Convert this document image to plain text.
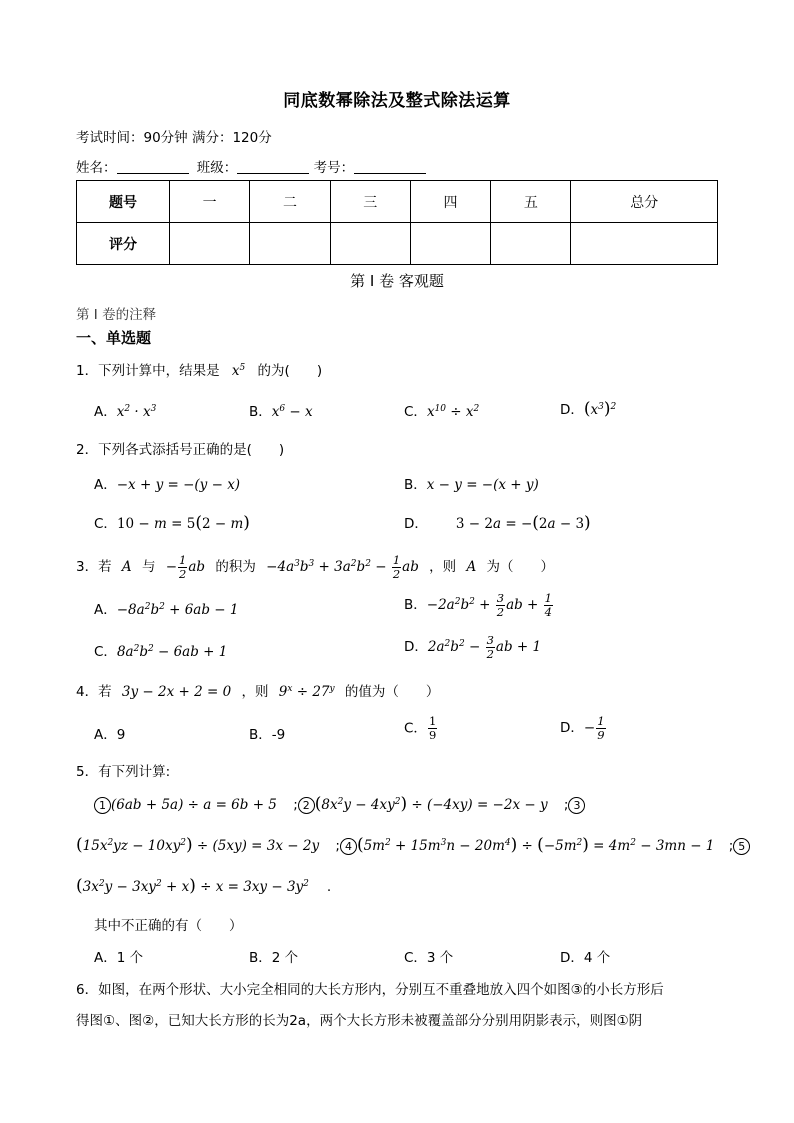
同底数幂除法及整式除法运算
考试时间：90分钟 满分：120分
姓名：	班级：	考号：
题号	一	二	三	四	五	总分
评分						
第 I 卷 客观题
第 I 卷的注释
一、单选题
1．下列计算中，结果是 $x^5$ 的为(　　)
A．$x^2 \cdot x^3$	B．$x^6 - x$	C．$x^{10} \div x^2$	D．$(x^3)^2$
2．下列各式添括号正确的是(　　)
A．−x + y = −(y − x)	B．x − y = −(x + y)
C．10 − m = 5(2 − m)	D． 3 − 2a = −(2a − 3)
3．若 A 与 − $\frac{1}{2}$ ab 的积为 $-4a^3b^3 + 3a^2b^2 - \frac{1}{2}$ ab ，则 A 为（　　）
A．$-8a^2b^2 + 6ab - 1$	B．$-2a^2b^2 + \frac{3}{2}$ ab + $\frac{1}{4}$
C．$8a^2b^2 - 6ab + 1$	D．$2a^2b^2 - \frac{3}{2}$ ab + 1
4．若 3y − 2x + 2 = 0 ，则 $9^x \div 27^y$ 的值为（　　）
A．9	B．-9	C． $\frac{1}{9}$	D．− $\frac{1}{9}$
5．有下列计算:
1 (6ab + 5a) ÷ a = 6b + 5 ; 2 $(8x^2y - 4xy^2) \div (-4xy) = -2x - y$ ; 3
$(15x^2yz - 10xy^2) \div (5xy) = 3x - 2y$ ; 4 $(5m^2 + 15m^3n - 20m^4) \div (-5m^2) = 4m^2 - 3mn - 1$ ; 5
$(3x^2y - 3xy^2 + x) \div x = 3xy - 3y^2$ .
其中不正确的有（　　）
A．1 个	B．2 个	C．3 个	D．4 个
6．如图，在两个形状、大小完全相同的大长方形内，分别互不重叠地放入四个如图③的小长方形后
得图①、图②，已知大长方形的长为2a，两个大长方形未被覆盖部分分别用阴影表示，则图①阴
